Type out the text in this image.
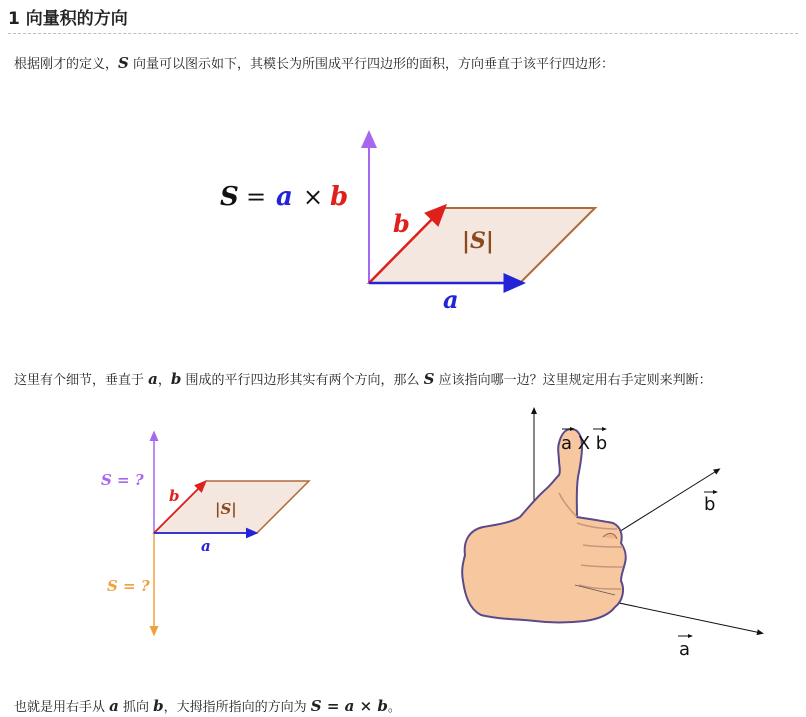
1 向量积的方向
根据刚才的定义，S 向量可以图示如下，其模长为所围成平行四边形的面积，方向垂直于该平行四边形：
S = a × b
b
a
|S|
这里有个细节，垂直于 a，b 围成的平行四边形其实有两个方向，那么 S 应该指向哪一边？这里规定用右手定则来判断：
S = ?
S = ?
b
a
|S|
a X b
b
a
也就是用右手从 a 抓向 b，大拇指所指向的方向为 S = a × b。
